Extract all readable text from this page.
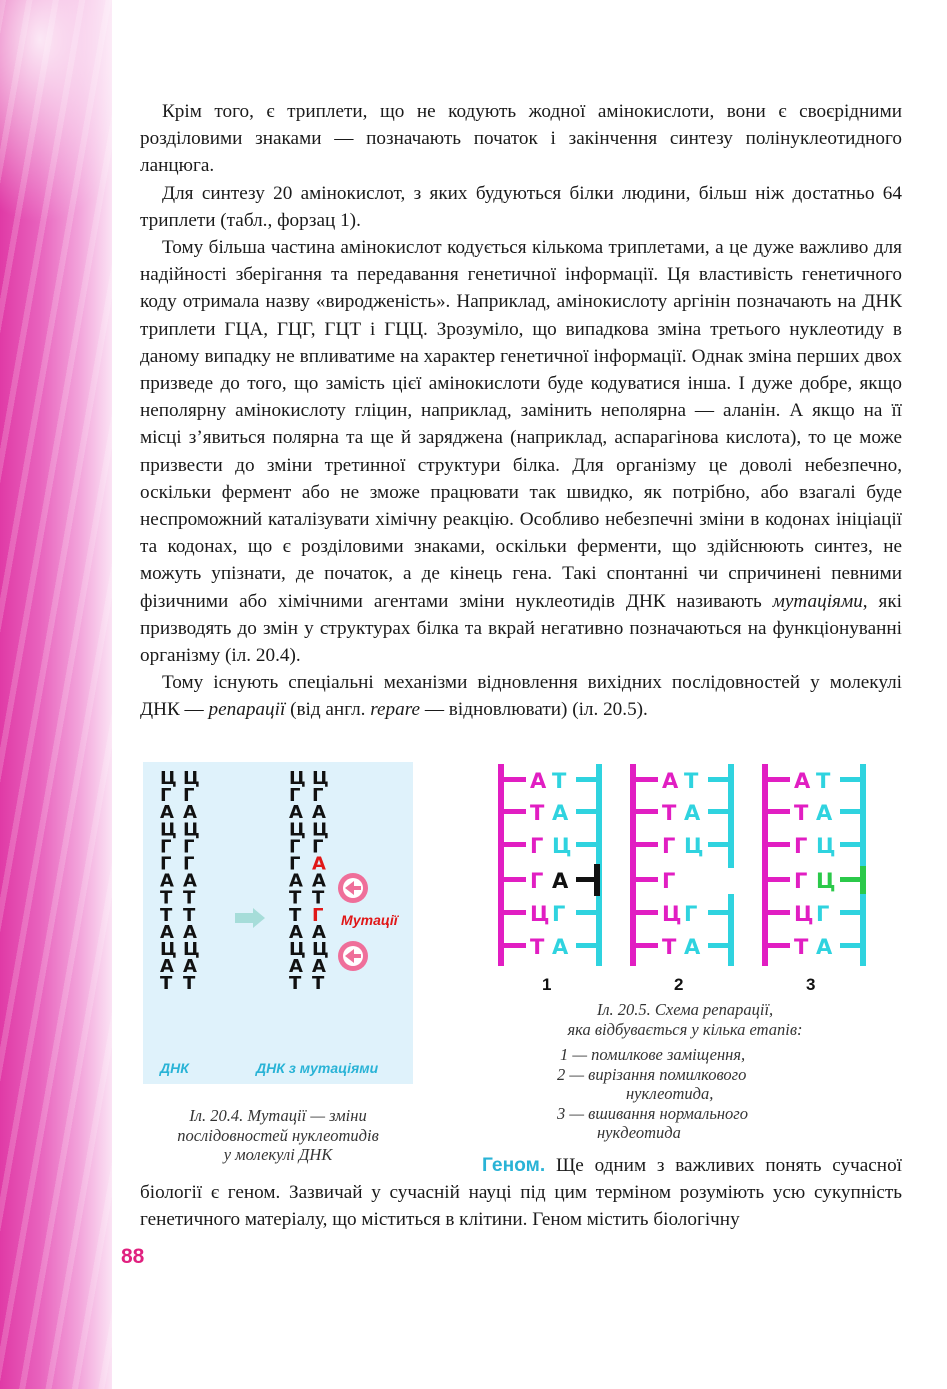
Крім того, є триплети, що не кодують жодної амінокислоти, вони є своєрідними розділовими знаками — позначають початок і закінчення синтезу полінуклеотидного ланцюга.

Для синтезу 20 амінокислот, з яких будуються білки людини, більш ніж достатньо 64 триплети (табл., форзац 1).

Тому більша частина амінокислот кодується кількома триплетами, а це дуже важливо для надійності зберігання та передавання генетичної інформації. Ця властивість генетичного коду отримала назву «виродженість». Наприклад, амінокислоту аргінін позначають на ДНК триплети ГЦА, ГЦГ, ГЦТ і ГЦЦ. Зрозуміло, що випадкова зміна третього нуклеотиду в даному випадку не впливатиме на характер генетичної інформації. Однак зміна перших двох призведе до того, що замість цієї амінокислоти буде кодуватися інша. І дуже добре, якщо неполярну амінокислоту гліцин, наприклад, замінить неполярна — аланін. А якщо на її місці з’явиться полярна та ще й заряджена (наприклад, аспарагінова кислота), то це може призвести до зміни третинної структури білка. Для організму це доволі небезпечно, оскільки фермент або не зможе працювати так швидко, як потрібно, або взагалі буде неспроможний каталізувати хімічну реакцію. Особливо небезпечні зміни в кодонах ініціації та кодонах, що є розділовими знаками, оскільки ферменти, що здійснюють синтез, не можуть упізнати, де початок, а де кінець гена. Такі спонтанні чи спричинені певними фізичними або хімічними агентами зміни нуклеотидів ДНК називають мутаціями, які призводять до змін у структурах білка та вкрай негативно позначаються на функціонуванні організму (іл. 20.4).

Тому існують спеціальні механізми відновлення вихідних послідовностей у молекулі ДНК — репарації (від англ. repare — відновлювати) (іл. 20.5).

Ц
Г
А
Ц
Г
Г
А
Т
Т
А
Ц
А
Т
Ц
Г
А
Ц
Г
Г
А
Т
Т
А
Ц
А
Т
Ц
Г
А
Ц
Г
Г
А
Т
Т
А
Ц
А
Т
Ц
Г
А
Ц
Г
А
А
Т
Г
А
Ц
А
Т
Мутації
ДНК	ДНК з мутаціями
Іл. 20.4. Мутації — зміни
послідовностей нуклеотидів
у молекулі ДНК
А Т
Т А
Г Ц
Г А
Ц Г
Т А
1
А Т
Т А
Г Ц
Г
Ц Г
Т А
2
А Т
Т А
Г Ц
Г Ц
Ц Г
Т А
3
Іл. 20.5. Схема репарації,
яка відбувається у кілька етапів:
1 — помилкове заміщення,
2 — вирізання помилкового
нуклеотида,
3 — вшивання нормального
нукдеотида

Геном. Ще одним з важливих понять сучасної біології є геном. Зазвичай у сучасній науці під цим терміном розуміють усю сукупність генетичного матеріалу, що міститься в клітини. Геном містить біологічну

88
